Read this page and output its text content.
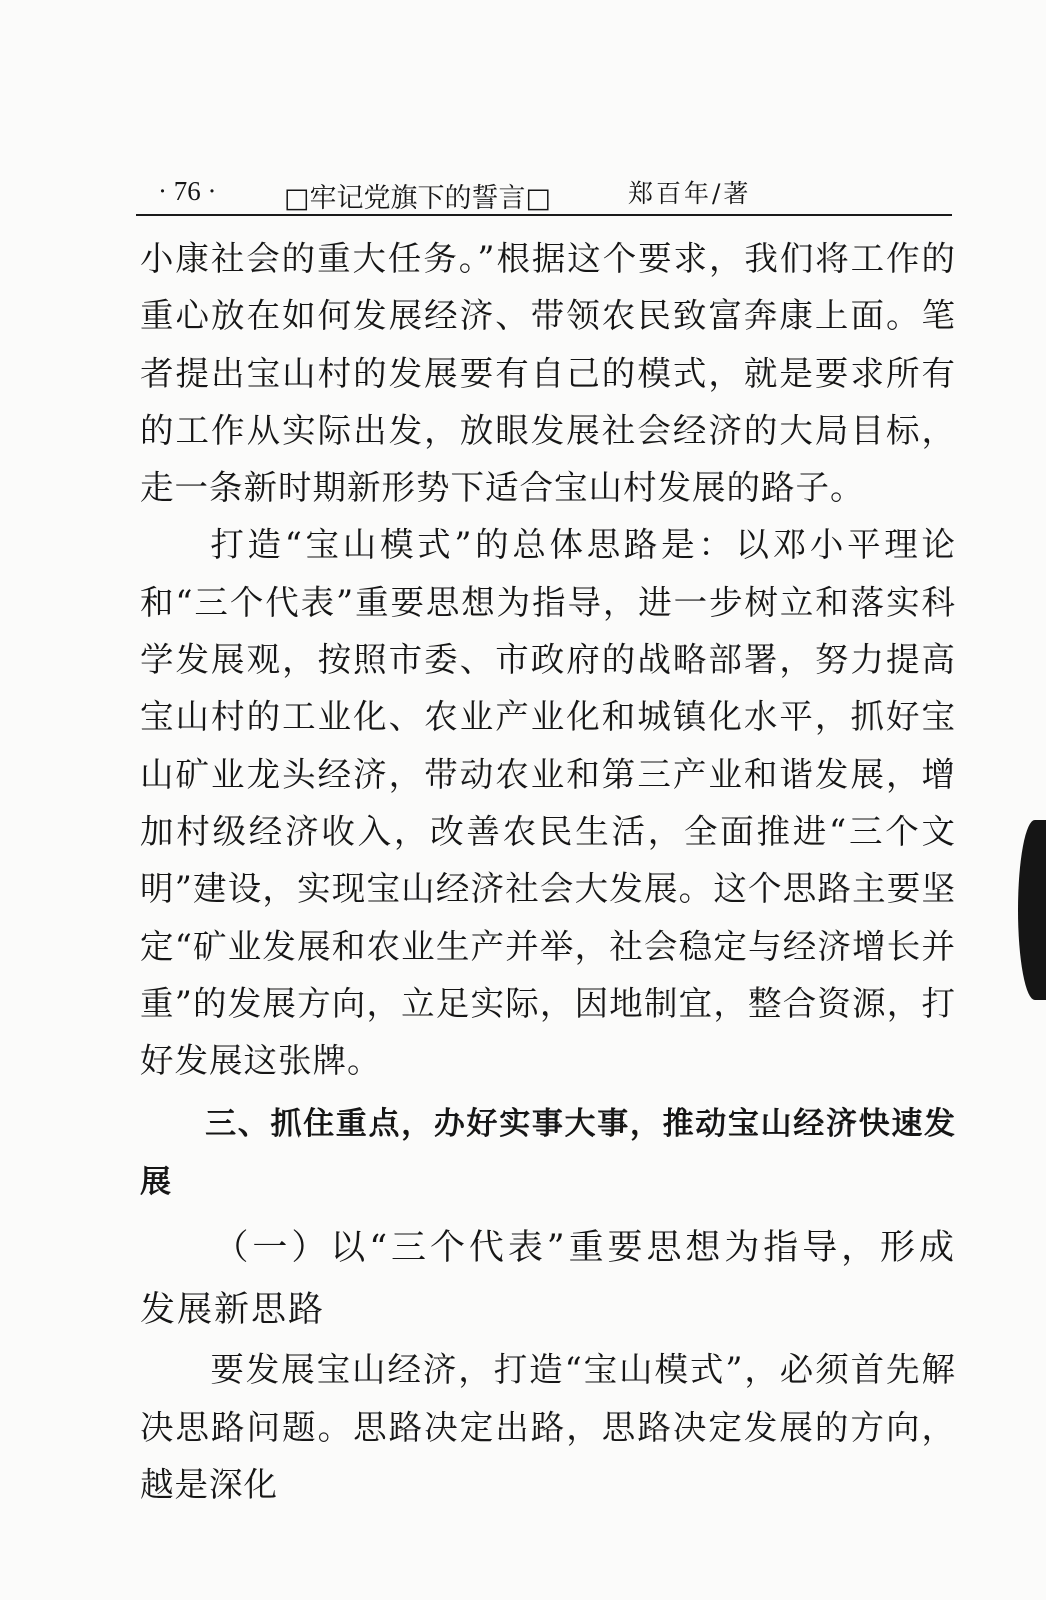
· 76 ·	□牢记党旗下的誓言□	郑百年/著

小康社会的重大任务。”根据这个要求，我们将工作的重心放在如何发展经济、带领农民致富奔康上面。笔者提出宝山村的发展要有自己的模式，就是要求所有的工作从实际出发，放眼发展社会经济的大局目标，走一条新时期新形势下适合宝山村发展的路子。

打造“宝山模式”的总体思路是：以邓小平理论和“三个代表”重要思想为指导，进一步树立和落实科学发展观，按照市委、市政府的战略部署，努力提高宝山村的工业化、农业产业化和城镇化水平，抓好宝山矿业龙头经济，带动农业和第三产业和谐发展，增加村级经济收入，改善农民生活，全面推进“三个文明”建设，实现宝山经济社会大发展。这个思路主要坚定“矿业发展和农业生产并举，社会稳定与经济增长并重”的发展方向，立足实际，因地制宜，整合资源，打好发展这张牌。

三、抓住重点，办好实事大事，推动宝山经济快速发展

（一）以“三个代表”重要思想为指导，形成发展新思路

要发展宝山经济，打造“宝山模式”，必须首先解决思路问题。思路决定出路，思路决定发展的方向，越是深化
